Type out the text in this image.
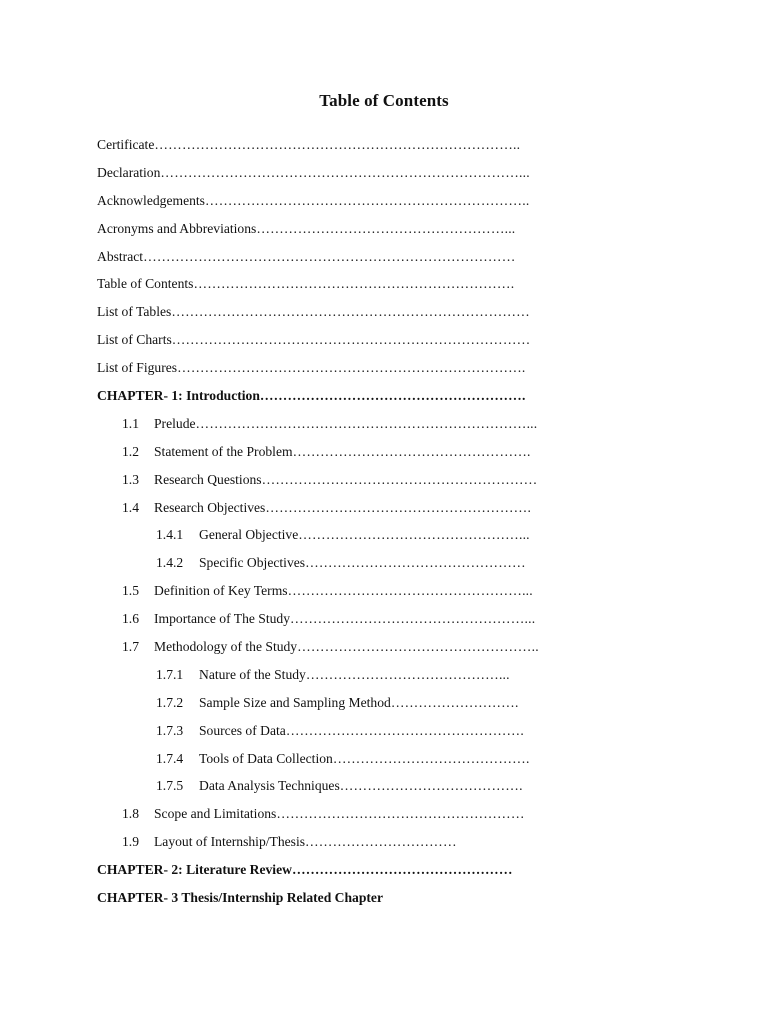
Table of Contents
Certificate ……………………………………………………………………..
Declaration ……………………………………………………………………...
Acknowledgements ……………………………………………………………..
Acronyms and Abbreviations ………………………………………………...
Abstract ………………………………………………………………………
Table of Contents …………………………………………………………….
List of Tables ……………………………………………………………………
List of Charts ……………………………………………………………………
List of Figures ………………………………………………………………….
CHAPTER- 1: Introduction ………………………………………………….
1.1	Prelude ………………………………………………………………...
1.2	Statement of the Problem …………………………………………….
1.3	Research Questions ……………………………………………………
1.4	Research Objectives ………………………………………………….
1.4.1	General Objective …………………………………………...
1.4.2	Specific Objectives …………………………………………
1.5	Definition of Key Terms ……………………………………………...
1.6	Importance of The Study ……………………………………………...
1.7	Methodology of the Study ……………………………………………..
1.7.1	Nature of the Study ……………………………………...
1.7.2	Sample Size and Sampling Method ……………………….
1.7.3	Sources of Data …………………………………………….
1.7.4	Tools of Data Collection …………………………………….
1.7.5	Data Analysis Techniques ………………………………….
1.8	Scope and Limitations ………………………………………………
1.9	Layout of Internship/Thesis ……………………………
CHAPTER- 2: Literature Review …………………………………………
CHAPTER- 3 Thesis/Internship Related Chapter
